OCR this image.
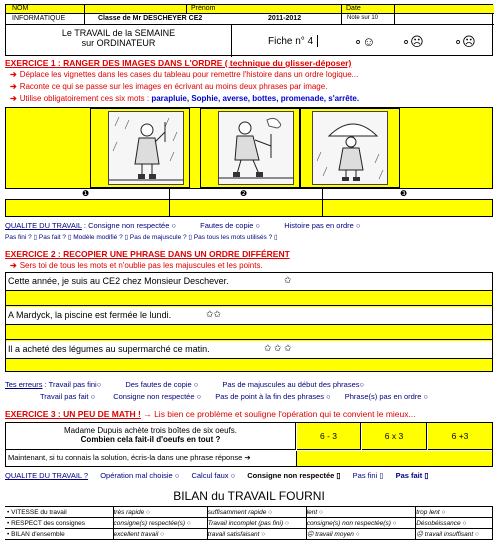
NOM	Prénom	Date
INFORMATIQUE	Classe de Mr DESCHEYER CE2	2011-2012	Note sur 10
Le TRAVAIL de la SEMAINE
sur ORDINATEUR	Fiche n° 4	∘☺ ∘☹ ∘☹
EXERCICE 1 : RANGER DES IMAGES DANS L'ORDRE ( technique du glisser-déposer)
➔ Déplace les vignettes dans les cases du tableau pour remettre l'histoire dans un ordre logique...
➔ Raconte ce qui se passe sur les images en écrivant au moins deux phrases par image.
➔ Utilise obligatoirement ces six mots : parapluie, Sophie, averse, bottes, promenade, s'arrête.
❶	❷	❸
QUALITE DU TRAVAIL : Consigne non respectée ○	Fautes de copie ○	Histoire pas en ordre ○
Pas fini ? ▯ Pas fait ? ▯ Modèle modifié ? ▯ Pas de majuscule ? ▯ Pas tous les mots utilisés ? ▯
EXERCICE 2 : RECOPIER UNE PHRASE DANS UN ORDRE DIFFÉRENT
➔ Sers toi de tous les mots et n'oublie pas les majuscules et les points.
Cette année, je suis au CE2 chez Monsieur Deschever.	✩
A Mardyck, la piscine est fermée le lundi.	✩✩
Il a acheté des légumes au supermarché ce matin.	✩ ✩ ✩
Tes erreurs : Travail pas fini○	Des fautes de copie ○	Pas de majuscules au début des phrases○
Travail pas fait ○ Consigne non respectée ○ Pas de point à la fin des phrases ○ Phrase(s) pas en ordre ○
EXERCICE 3 : UN PEU DE MATH ! → Lis bien ce problème et souligne l'opération qui te convient le mieux...
Madame Dupuis achète trois boîtes de six oeufs.
Combien cela fait-il d'oeufs en tout ?	6 - 3	6 x 3	6 +3
Maintenant, si tu connais la solution, écris-la dans une phrase réponse ➔
QUALITE DU TRAVAIL ? Opération mal choisie ○ Calcul faux ○ Consigne non respectée ▯ Pas fini ▯ Pas fait ▯
BILAN du TRAVAIL FOURNI
• VITESSE du travail	très rapide ○	suffisamment rapide ○	lent ○	trop lent ○
• RESPECT des consignes	consigne(s) respectée(s) ○	Travail incomplet (pas fini) ○	consigne(s) non respectée(s) ○	Désobéissance ○
• BILAN d'ensemble	excellent travail ○	travail satisfaisant ○	☹ travail moyen ○	☹ travail insuffisant ○
